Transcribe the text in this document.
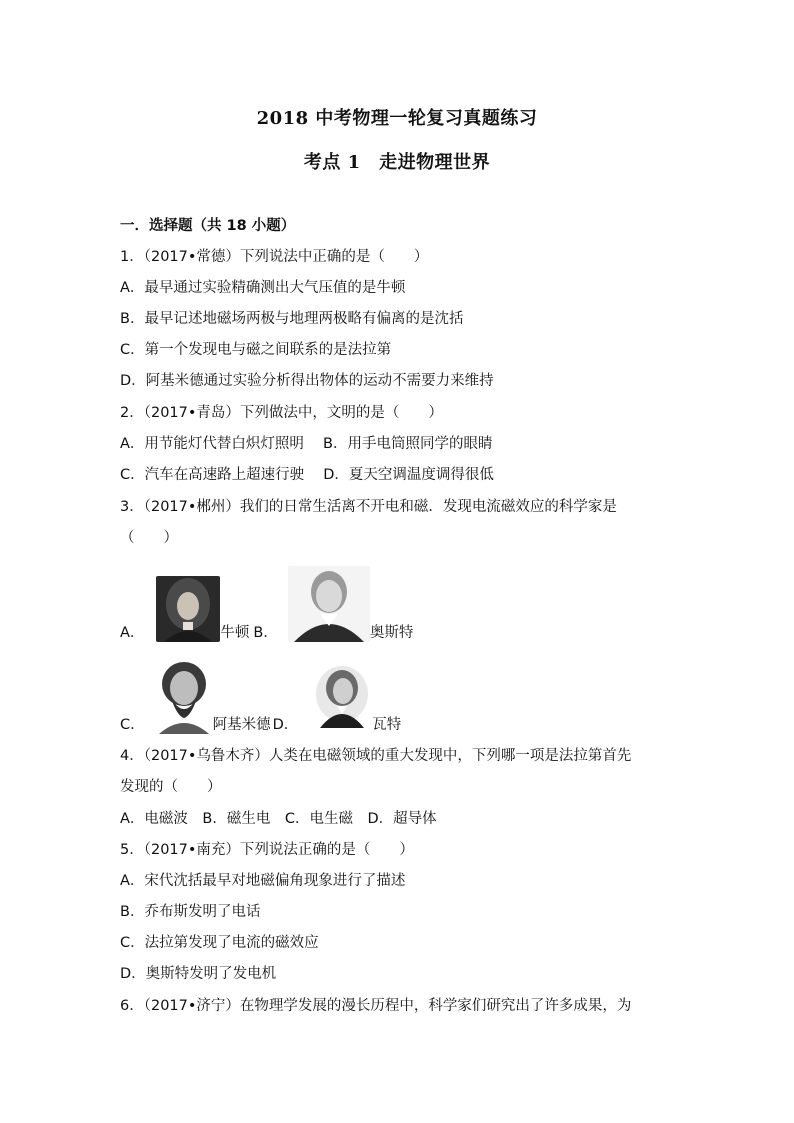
2018 中考物理一轮复习真题练习
考点 1　走进物理世界
一．选择题（共 18 小题）
1．（2017•常德）下列说法中正确的是（　　）
A．最早通过实验精确测出大气压值的是牛顿
B．最早记述地磁场两极与地理两极略有偏离的是沈括
C．第一个发现电与磁之间联系的是法拉第
D．阿基米德通过实验分析得出物体的运动不需要力来维持
2．（2017•青岛）下列做法中，文明的是（　　）
A．用节能灯代替白炽灯照明　 B．用手电筒照同学的眼睛
C．汽车在高速路上超速行驶　 D．夏天空调温度调得很低
3．（2017•郴州）我们的日常生活离不开电和磁．发现电流磁效应的科学家是
（　　）
A．	牛顿 B．	奥斯特
C．	阿基米德 D．	瓦特
4．（2017•乌鲁木齐）人类在电磁领域的重大发现中，下列哪一项是法拉第首先
发现的（　　）
A．电磁波　B．磁生电　C．电生磁　D．超导体
5．（2017•南充）下列说法正确的是（　　）
A．宋代沈括最早对地磁偏角现象进行了描述
B．乔布斯发明了电话
C．法拉第发现了电流的磁效应
D．奥斯特发明了发电机
6．（2017•济宁）在物理学发展的漫长历程中，科学家们研究出了许多成果，为
